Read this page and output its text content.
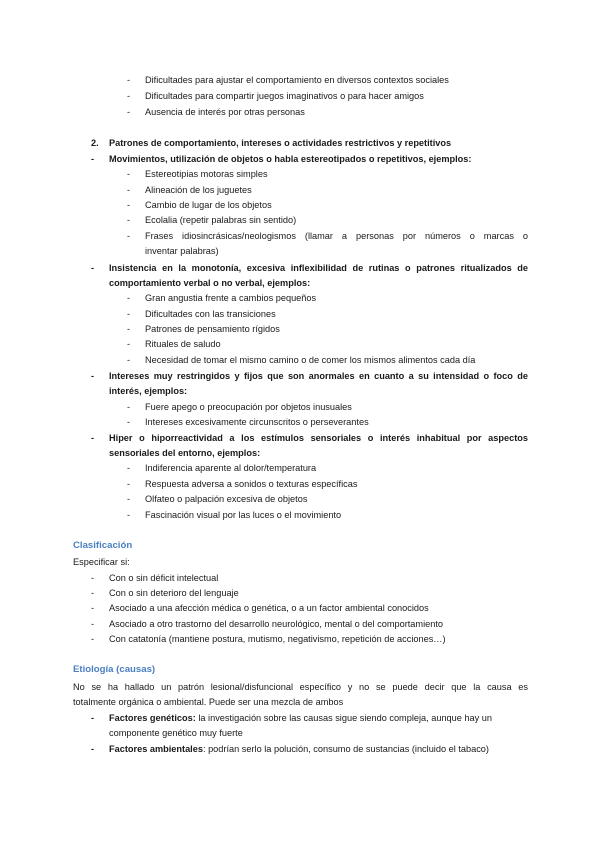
- Dificultades para ajustar el comportamiento en diversos contextos sociales
- Dificultades para compartir juegos imaginativos o para hacer amigos
- Ausencia de interés por otras personas
2. Patrones de comportamiento, intereses o actividades restrictivos y repetitivos
- Movimientos, utilización de objetos o habla estereotipados o repetitivos, ejemplos:
- Estereotipias motoras simples
- Alineación de los juguetes
- Cambio de lugar de los objetos
- Ecolalia (repetir palabras sin sentido)
- Frases idiosincrásicas/neologismos (llamar a personas por números o marcas o
inventar palabras)
- Insistencia en la monotonía, excesiva inflexibilidad de rutinas o patrones ritualizados de
comportamiento verbal o no verbal, ejemplos:
- Gran angustia frente a cambios pequeños
- Dificultades con las transiciones
- Patrones de pensamiento rígidos
- Rituales de saludo
- Necesidad de tomar el mismo camino o de comer los mismos alimentos cada día
- Intereses muy restringidos y fijos que son anormales en cuanto a su intensidad o foco de
interés, ejemplos:
- Fuere apego o preocupación por objetos inusuales
- Intereses excesivamente circunscritos o perseverantes
- Hiper o hiporreactividad a los estímulos sensoriales o interés inhabitual por aspectos
sensoriales del entorno, ejemplos:
- Indiferencia aparente al dolor/temperatura
- Respuesta adversa a sonidos o texturas específicas
- Olfateo o palpación excesiva de objetos
- Fascinación visual por las luces o el movimiento
Clasificación
Especificar si:
- Con o sin déficit intelectual
- Con o sin deterioro del lenguaje
- Asociado a una afección médica o genética, o a un factor ambiental conocidos
- Asociado a otro trastorno del desarrollo neurológico, mental o del comportamiento
- Con catatonía (mantiene postura, mutismo, negativismo, repetición de acciones…)
Etiología (causas)
No se ha hallado un patrón lesional/disfuncional específico y no se puede decir que la causa es
totalmente orgánica o ambiental. Puede ser una mezcla de ambos
- Factores genéticos: la investigación sobre las causas sigue siendo compleja, aunque hay un
componente genético muy fuerte
- Factores ambientales: podrían serlo la polución, consumo de sustancias (incluido el tabaco)
